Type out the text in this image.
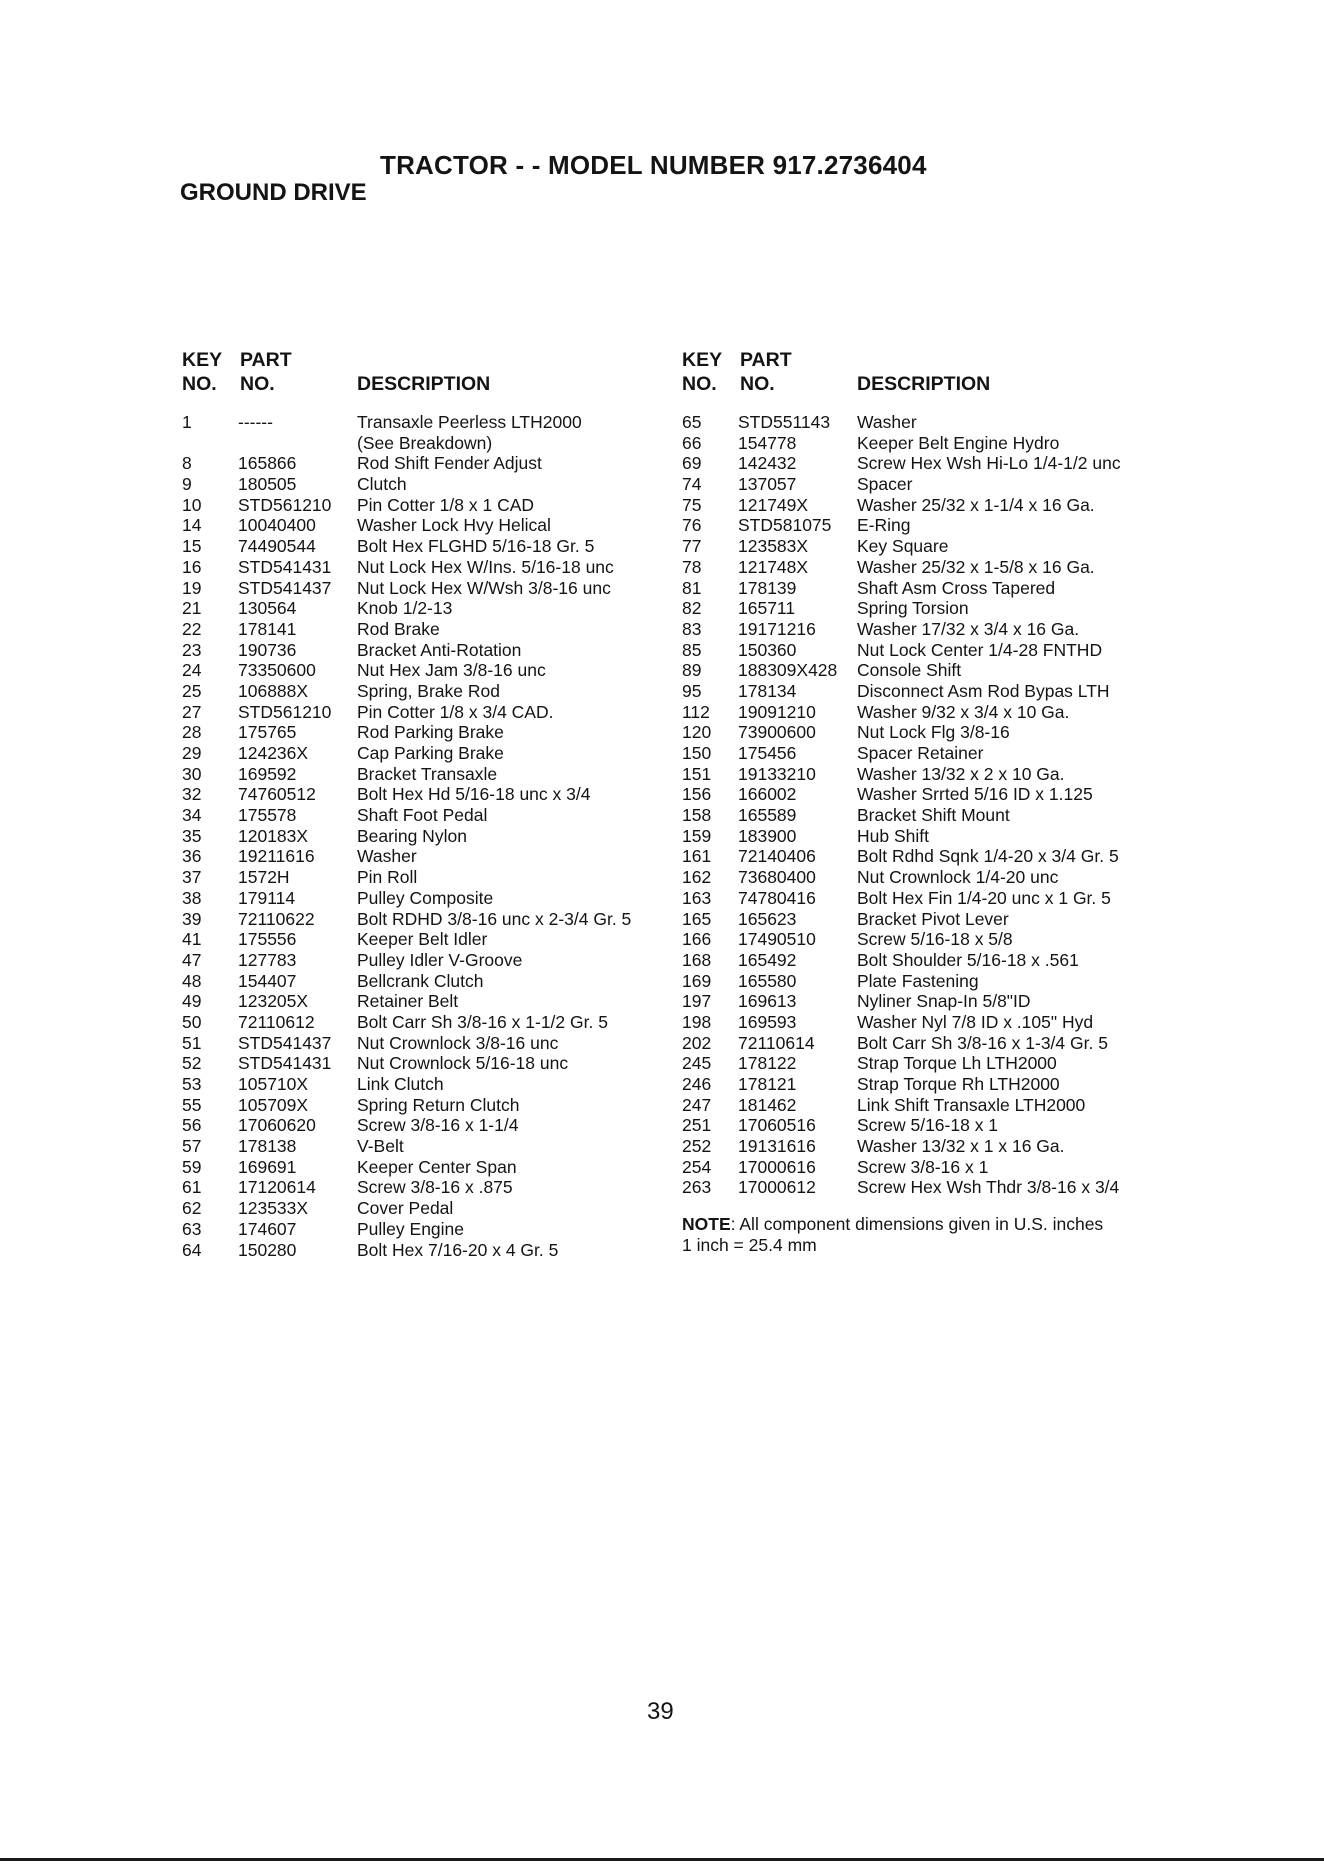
TRACTOR - - MODEL NUMBER 917.2736404
GROUND DRIVE
KEY
NO.
PART
NO.	DESCRIPTION
1	------	Transaxle Peerless LTH2000
(See Breakdown)
8	165866	Rod Shift Fender Adjust
9	180505	Clutch
10 STD561210 Pin Cotter 1/8 x 1 CAD
14 10040400 Washer Lock Hvy Helical
15 74490544 Bolt Hex FLGHD 5/16-18 Gr. 5
16 STD541431 Nut Lock Hex W/Ins. 5/16-18 unc
19 STD541437 Nut Lock Hex W/Wsh 3/8-16 unc
21 130564	Knob 1/2-13
22 178141	Rod Brake
23 190736	Bracket Anti-Rotation
24 73350600 Nut Hex Jam 3/8-16 unc
25 106888X	Spring, Brake Rod
27 STD561210 Pin Cotter 1/8 x 3/4 CAD.
28 175765	Rod Parking Brake
29 124236X	Cap Parking Brake
30 169592	Bracket Transaxle
32 74760512 Bolt Hex Hd 5/16-18 unc x 3/4
34 175578	Shaft Foot Pedal
35 120183X	Bearing Nylon
36 19211616 Washer
37 1572H	Pin Roll
38 179114	Pulley Composite
39 72110622 Bolt RDHD 3/8-16 unc x 2-3/4 Gr. 5
41 175556	Keeper Belt Idler
47 127783	Pulley Idler V-Groove
48 154407	Bellcrank Clutch
49 123205X	Retainer Belt
50 72110612 Bolt Carr Sh 3/8-16 x 1-1/2 Gr. 5
51 STD541437 Nut Crownlock 3/8-16 unc
52 STD541431 Nut Crownlock 5/16-18 unc
53 105710X	Link Clutch
55 105709X	Spring Return Clutch
56 17060620 Screw 3/8-16 x 1-1/4
57 178138	V-Belt
59 169691	Keeper Center Span
61 17120614 Screw 3/8-16 x .875
62 123533X	Cover Pedal
63 174607	Pulley Engine
64 150280	Bolt Hex 7/16-20 x 4 Gr. 5
KEY
NO.
PART
NO.	DESCRIPTION
65 STD551143 Washer
66 154778	Keeper Belt Engine Hydro
69 142432	Screw Hex Wsh Hi-Lo 1/4-1/2 unc
74 137057	Spacer
75 121749X	Washer 25/32 x 1-1/4 x 16 Ga.
76 STD581075 E-Ring
77 123583X	Key Square
78 121748X	Washer 25/32 x 1-5/8 x 16 Ga.
81 178139	Shaft Asm Cross Tapered
82 165711	Spring Torsion
83 19171216 Washer 17/32 x 3/4 x 16 Ga.
85 150360	Nut Lock Center 1/4-28 FNTHD
89 188309X428 Console Shift
95 178134	Disconnect Asm Rod Bypas LTH
112 19091210 Washer 9/32 x 3/4 x 10 Ga.
120 73900600 Nut Lock Flg 3/8-16
150 175456	Spacer Retainer
151 19133210 Washer 13/32 x 2 x 10 Ga.
156 166002	Washer Srrted 5/16 ID x 1.125
158 165589	Bracket Shift Mount
159 183900	Hub Shift
161 72140406 Bolt Rdhd Sqnk 1/4-20 x 3/4 Gr. 5
162 73680400 Nut Crownlock 1/4-20 unc
163 74780416 Bolt Hex Fin 1/4-20 unc x 1 Gr. 5
165 165623	Bracket Pivot Lever
166 17490510 Screw 5/16-18 x 5/8
168 165492	Bolt Shoulder 5/16-18 x .561
169 165580	Plate Fastening
197 169613	Nyliner Snap-In 5/8"ID
198 169593	Washer Nyl 7/8 ID x .105" Hyd
202 72110614 Bolt Carr Sh 3/8-16 x 1-3/4 Gr. 5
245 178122	Strap Torque Lh LTH2000
246 178121	Strap Torque Rh LTH2000
247 181462	Link Shift Transaxle LTH2000
251 17060516 Screw 5/16-18 x 1
252 19131616 Washer 13/32 x 1 x 16 Ga.
254 17000616 Screw 3/8-16 x 1
263 17000612 Screw Hex Wsh Thdr 3/8-16 x 3/4
NOTE: All component dimensions given in U.S. inches
1 inch = 25.4 mm
39
